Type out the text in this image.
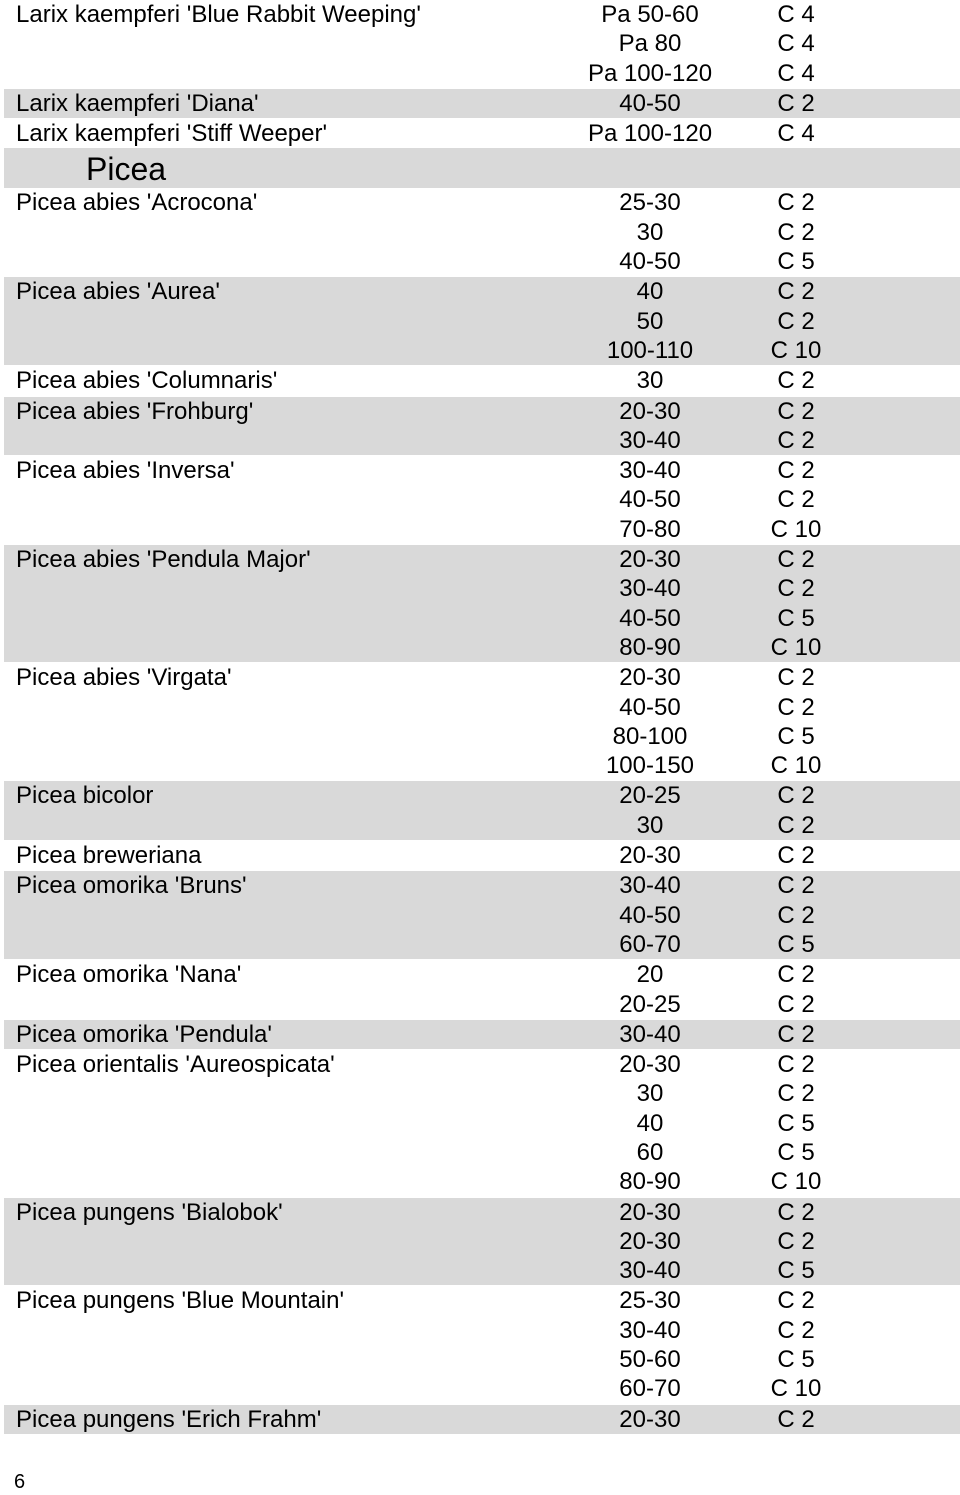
Larix kaempferi 'Blue Rabbit Weeping'	Pa 50-60	C 4
Pa 80	C 4
Pa 100-120	C 4
Larix kaempferi 'Diana'	40-50	C 2
Larix kaempferi 'Stiff Weeper'	Pa 100-120	C 4
Picea
Picea abies 'Acrocona'	25-30	C 2
30	C 2
40-50	C 5
Picea abies 'Aurea'	40	C 2
50	C 2
100-110	C 10
Picea abies 'Columnaris'	30	C 2
Picea abies 'Frohburg'	20-30	C 2
30-40	C 2
Picea abies 'Inversa'	30-40	C 2
40-50	C 2
70-80	C 10
Picea abies 'Pendula Major'	20-30	C 2
30-40	C 2
40-50	C 5
80-90	C 10
Picea abies 'Virgata'	20-30	C 2
40-50	C 2
80-100	C 5
100-150	C 10
Picea bicolor	20-25	C 2
30	C 2
Picea breweriana	20-30	C 2
Picea omorika 'Bruns'	30-40	C 2
40-50	C 2
60-70	C 5
Picea omorika 'Nana'	20	C 2
20-25	C 2
Picea omorika 'Pendula'	30-40	C 2
Picea orientalis 'Aureospicata'	20-30	C 2
30	C 2
40	C 5
60	C 5
80-90	C 10
Picea pungens 'Bialobok'	20-30	C 2
20-30	C 2
30-40	C 5
Picea pungens 'Blue Mountain'	25-30	C 2
30-40	C 2
50-60	C 5
60-70	C 10
Picea pungens 'Erich Frahm'	20-30	C 2
6
